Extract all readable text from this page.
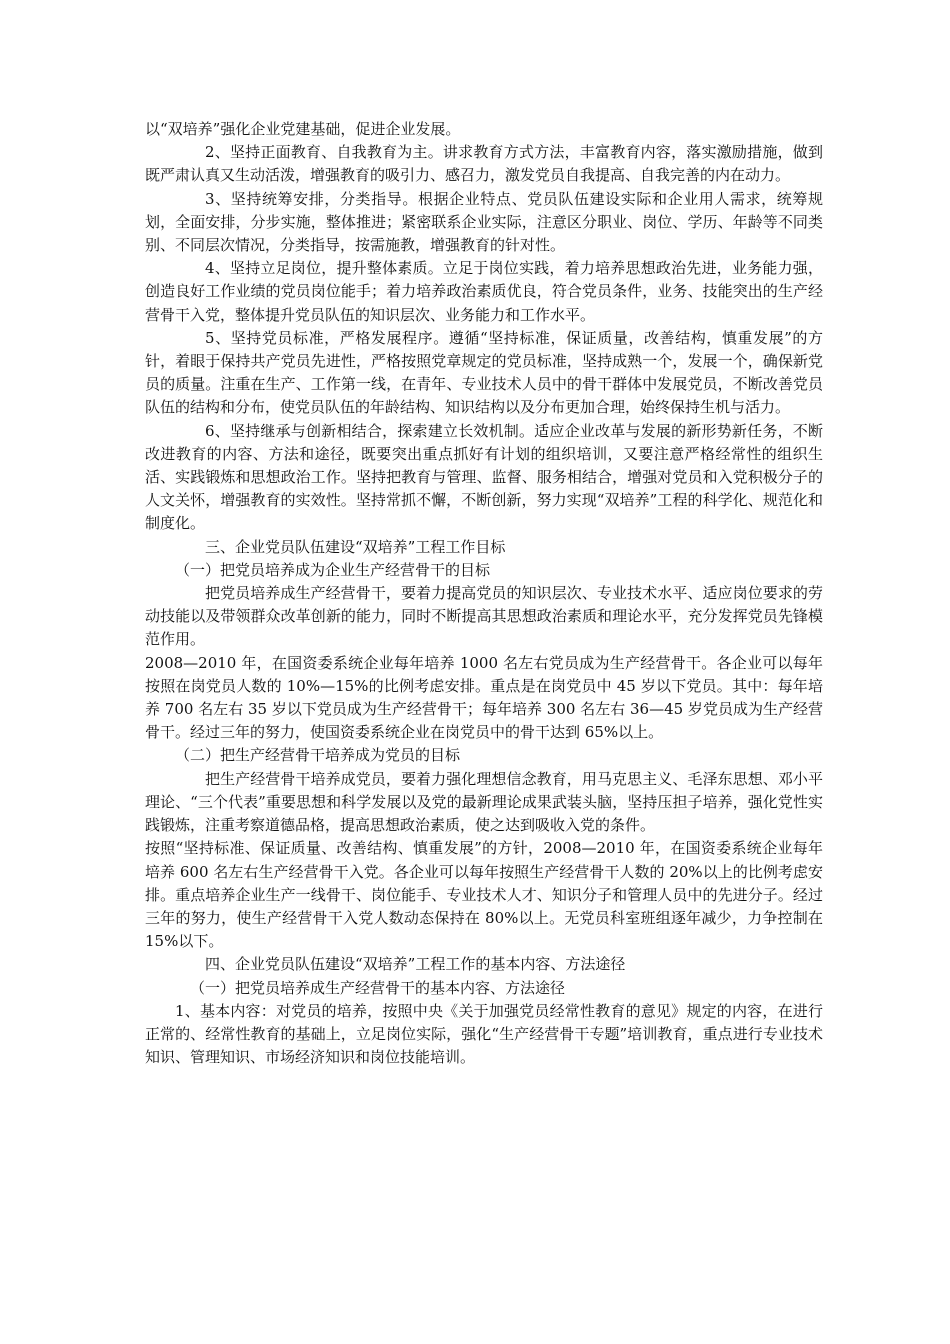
以“双培养”强化企业党建基础，促进企业发展。

2、坚持正面教育、自我教育为主。讲求教育方式方法，丰富教育内容，落实激励措施，做到既严肃认真又生动活泼，增强教育的吸引力、感召力，激发党员自我提高、自我完善的内在动力。

3、坚持统筹安排，分类指导。根据企业特点、党员队伍建设实际和企业用人需求，统筹规划，全面安排，分步实施，整体推进；紧密联系企业实际，注意区分职业、岗位、学历、年龄等不同类别、不同层次情况，分类指导，按需施教，增强教育的针对性。

4、坚持立足岗位，提升整体素质。立足于岗位实践，着力培养思想政治先进，业务能力强，创造良好工作业绩的党员岗位能手；着力培养政治素质优良，符合党员条件，业务、技能突出的生产经营骨干入党，整体提升党员队伍的知识层次、业务能力和工作水平。

5、坚持党员标准，严格发展程序。遵循“坚持标准，保证质量，改善结构，慎重发展”的方针，着眼于保持共产党员先进性，严格按照党章规定的党员标准，坚持成熟一个，发展一个，确保新党员的质量。注重在生产、工作第一线，在青年、专业技术人员中的骨干群体中发展党员，不断改善党员队伍的结构和分布，使党员队伍的年龄结构、知识结构以及分布更加合理，始终保持生机与活力。

6、坚持继承与创新相结合，探索建立长效机制。适应企业改革与发展的新形势新任务，不断改进教育的内容、方法和途径，既要突出重点抓好有计划的组织培训，又要注意严格经常性的组织生活、实践锻炼和思想政治工作。坚持把教育与管理、监督、服务相结合，增强对党员和入党积极分子的人文关怀，增强教育的实效性。坚持常抓不懈，不断创新，努力实现“双培养”工程的科学化、规范化和制度化。

三、企业党员队伍建设“双培养”工程工作目标

（一）把党员培养成为企业生产经营骨干的目标

把党员培养成生产经营骨干，要着力提高党员的知识层次、专业技术水平、适应岗位要求的劳动技能以及带领群众改革创新的能力，同时不断提高其思想政治素质和理论水平，充分发挥党员先锋模范作用。

2008—2010 年，在国资委系统企业每年培养 1000 名左右党员成为生产经营骨干。各企业可以每年按照在岗党员人数的 10%—15%的比例考虑安排。重点是在岗党员中 45 岁以下党员。其中：每年培养 700 名左右 35 岁以下党员成为生产经营骨干；每年培养 300 名左右 36—45 岁党员成为生产经营骨干。经过三年的努力，使国资委系统企业在岗党员中的骨干达到 65%以上。

（二）把生产经营骨干培养成为党员的目标

把生产经营骨干培养成党员，要着力强化理想信念教育，用马克思主义、毛泽东思想、邓小平理论、“三个代表”重要思想和科学发展以及党的最新理论成果武装头脑，坚持压担子培养，强化党性实践锻炼，注重考察道德品格，提高思想政治素质，使之达到吸收入党的条件。

按照“坚持标准、保证质量、改善结构、慎重发展”的方针，2008—2010 年，在国资委系统企业每年培养 600 名左右生产经营骨干入党。各企业可以每年按照生产经营骨干人数的 20%以上的比例考虑安排。重点培养企业生产一线骨干、岗位能手、专业技术人才、知识分子和管理人员中的先进分子。经过三年的努力，使生产经营骨干入党人数动态保持在 80%以上。无党员科室班组逐年减少，力争控制在 15%以下。

四、企业党员队伍建设“双培养”工程工作的基本内容、方法途径

（一）把党员培养成生产经营骨干的基本内容、方法途径

1、基本内容：对党员的培养，按照中央《关于加强党员经常性教育的意见》规定的内容，在进行正常的、经常性教育的基础上，立足岗位实际，强化“生产经营骨干专题”培训教育，重点进行专业技术知识、管理知识、市场经济知识和岗位技能培训。
